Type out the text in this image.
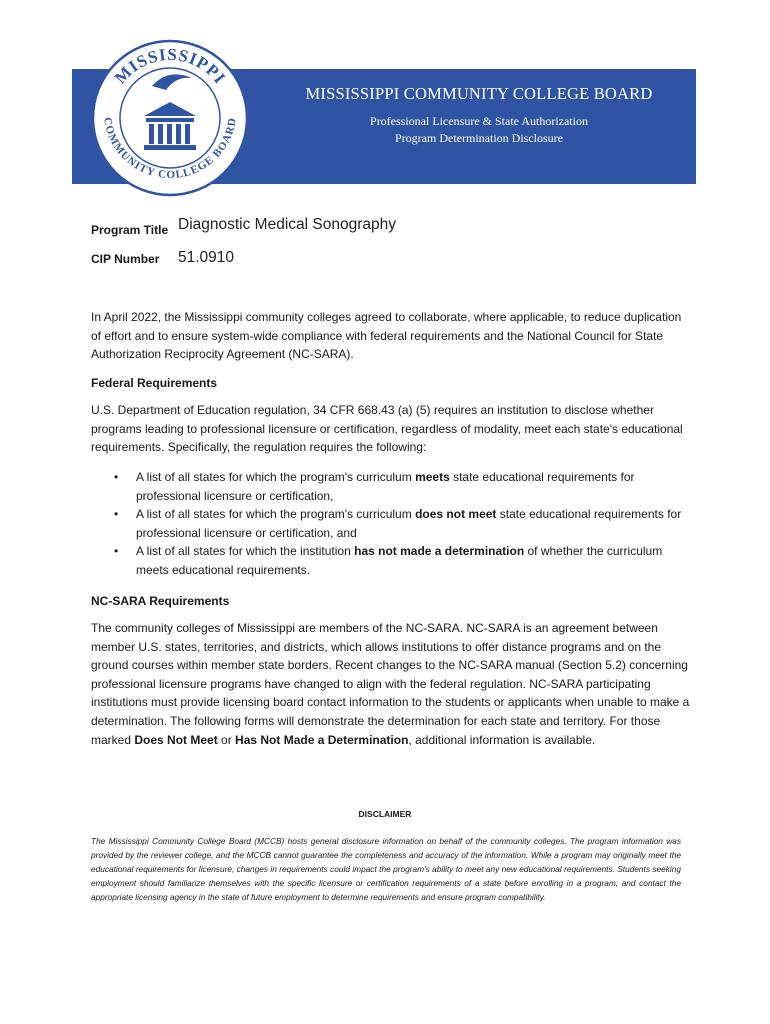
MISSISSIPPI COMMUNITY COLLEGE BOARD
Professional Licensure & State Authorization
Program Determination Disclosure
MISSISSIPPI
COMMUNITY COLLEGE BOARD
®
Program Title Diagnostic Medical Sonography
CIP Number 51.0910
In April 2022, the Mississippi community colleges agreed to collaborate, where applicable, to reduce duplication of effort and to ensure system-wide compliance with federal requirements and the National Council for State Authorization Reciprocity Agreement (NC-SARA).
Federal Requirements
U.S. Department of Education regulation, 34 CFR 668.43 (a) (5) requires an institution to disclose whether programs leading to professional licensure or certification, regardless of modality, meet each state's educational requirements. Specifically, the regulation requires the following:
• A list of all states for which the program's curriculum meets state educational requirements for professional licensure or certification,
• A list of all states for which the program's curriculum does not meet state educational requirements for professional licensure or certification, and
• A list of all states for which the institution has not made a determination of whether the curriculum meets educational requirements.
NC-SARA Requirements
The community colleges of Mississippi are members of the NC-SARA. NC-SARA is an agreement between member U.S. states, territories, and districts, which allows institutions to offer distance programs and on the ground courses within member state borders. Recent changes to the NC-SARA manual (Section 5.2) concerning professional licensure programs have changed to align with the federal regulation. NC-SARA participating institutions must provide licensing board contact information to the students or applicants when unable to make a determination. The following forms will demonstrate the determination for each state and territory. For those marked Does Not Meet or Has Not Made a Determination, additional information is available.
DISCLAIMER
The Mississippi Community College Board (MCCB) hosts general disclosure information on behalf of the community colleges. The program information was provided by the reviewer college, and the MCCB cannot guarantee the completeness and accuracy of the information. While a program may originally meet the educational requirements for licensure, changes in requirements could impact the program's ability to meet any new educational requirements. Students seeking employment should familiarize themselves with the specific licensure or certification requirements of a state before enrolling in a program, and contact the appropriate licensing agency in the state of future employment to determine requirements and ensure program compatibility.
